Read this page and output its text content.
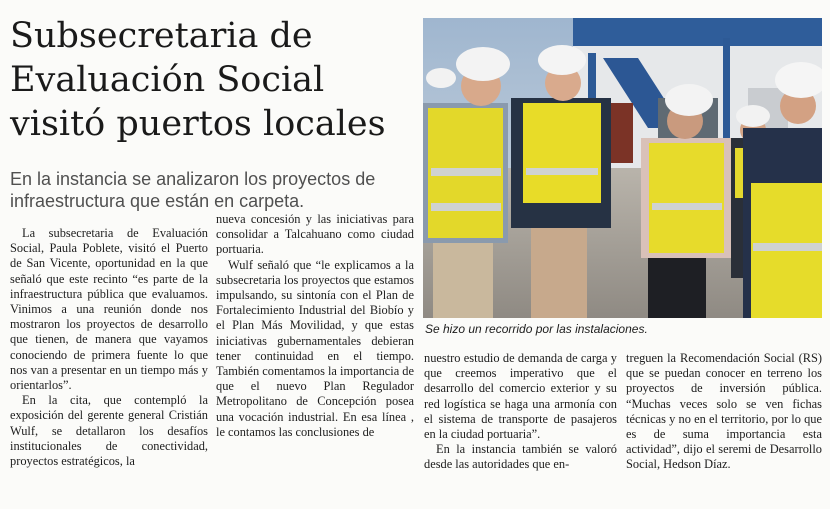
Subsecretaria de Evaluación Social visitó puertos locales

En la instancia se analizaron los proyectos de infraestructura que están en carpeta.

La subsecretaria de Evaluación Social, Paula Poblete, visitó el Puerto de San Vicente, oportunidad en la que señaló que este recinto “es parte de la infraestructura pública que evaluamos. Vinimos a una reunión donde nos mostraron los proyectos de desarrollo que tienen, de manera que vayamos conociendo de primera fuente lo que nos van a presentar en un tiempo más y orientarlos”.

En la cita, que contempló la exposición del gerente general Cristián Wulf, se detallaron los desafíos institucionales de conectividad, proyectos estratégicos, la

nueva concesión y las iniciativas para consolidar a Talcahuano como ciudad portuaria.

Wulf señaló que “le explicamos a la subsecretaria los proyectos que estamos impulsando, su sintonía con el Plan de Fortalecimiento Industrial del Biobío y el Plan Más Movilidad, y que estas iniciativas gubernamentales debieran tener continuidad en el tiempo. También comentamos la importancia de que el nuevo Plan Regulador Metropolitano de Concepción posea una vocación industrial. En esa línea , le contamos las conclusiones de

nuestro estudio de demanda de carga y que creemos imperativo que el desarrollo del comercio exterior y su red logística se haga una armonía con el sistema de transporte de pasajeros en la ciudad portuaria”.

En la instancia también se valoró desde las autoridades que en-

treguen la Recomendación Social (RS) que se puedan conocer en terreno los proyectos de inversión pública. “Muchas veces solo se ven fichas técnicas y no en el territorio, por lo que es de suma importancia esta actividad”, dijo el seremi de Desarrollo Social, Hedson Díaz.

Se hizo un recorrido por las instalaciones.
